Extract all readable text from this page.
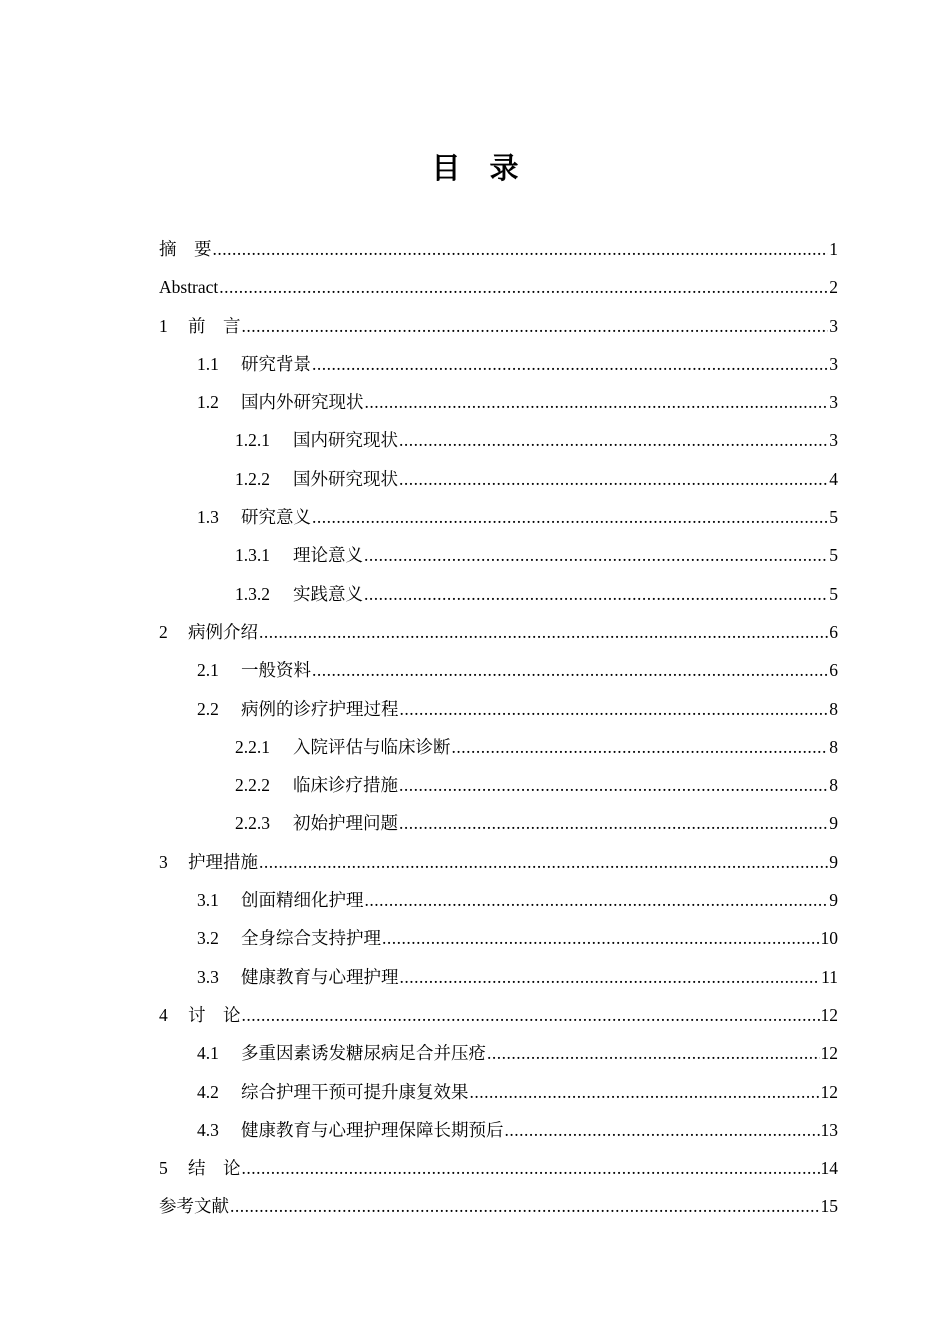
目　录
摘　要 .....	1
Abstract .....	2
1	前　言 .....	3
1.1	研究背景 .....	3
1.2	国内外研究现状 .....	3
1.2.1	国内研究现状 .....	3
1.2.2	国外研究现状 .....	4
1.3	研究意义 .....	5
1.3.1	理论意义 .....	5
1.3.2	实践意义 .....	5
2	病例介绍 .....	6
2.1	一般资料 .....	6
2.2	病例的诊疗护理过程 .....	8
2.2.1	入院评估与临床诊断 .....	8
2.2.2	临床诊疗措施 .....	8
2.2.3	初始护理问题 .....	9
3	护理措施 .....	9
3.1	创面精细化护理 .....	9
3.2	全身综合支持护理 .....	10
3.3	健康教育与心理护理 .....	11
4	讨　论 .....	12
4.1	多重因素诱发糖尿病足合并压疮 .....	12
4.2	综合护理干预可提升康复效果 .....	12
4.3	健康教育与心理护理保障长期预后 .....	13
5	结　论 .....	14
参考文献 .....	15
